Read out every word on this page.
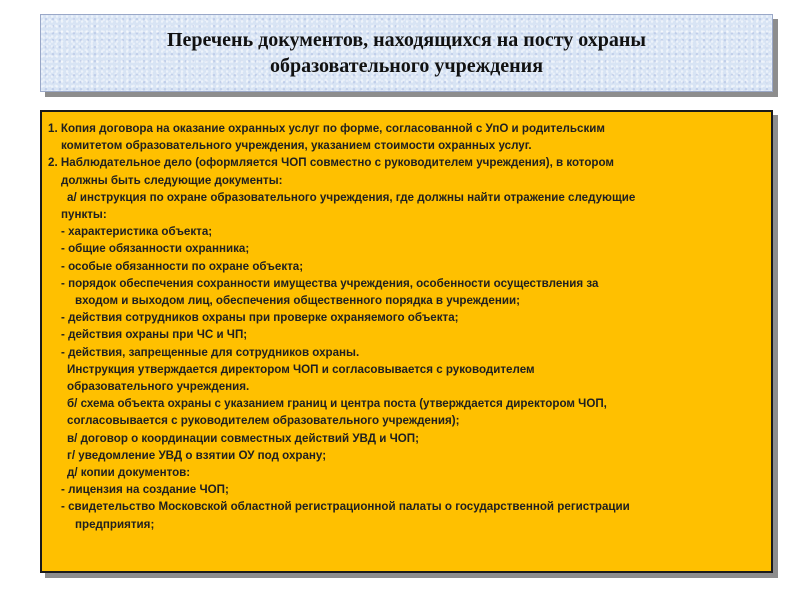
Перечень документов, находящихся на посту охраны
образовательного учреждения
1. Копия договора на оказание охранных услуг по форме, согласованной с УпО и родительским
комитетом образовательного учреждения, указанием стоимости охранных услуг.
2. Наблюдательное дело (оформляется ЧОП совместно с руководителем учреждения), в котором
должны быть следующие документы:
а/ инструкция по охране образовательного учреждения, где должны найти отражение следующие
пункты:
- характеристика объекта;
- общие обязанности охранника;
- особые обязанности по охране объекта;
- порядок обеспечения сохранности имущества учреждения, особенности осуществления за
входом и выходом лиц, обеспечения общественного порядка в учреждении;
- действия сотрудников охраны при проверке охраняемого объекта;
- действия охраны при ЧС и ЧП;
- действия, запрещенные для сотрудников охраны.
Инструкция утверждается директором ЧОП и согласовывается с руководителем
образовательного учреждения.
б/ схема объекта охраны с указанием границ и центра поста (утверждается директором ЧОП,
согласовывается с руководителем образовательного учреждения);
в/ договор о координации совместных действий УВД и ЧОП;
г/ уведомление УВД о взятии ОУ под охрану;
д/ копии документов:
- лицензия на создание ЧОП;
- свидетельство Московской областной регистрационной палаты о государственной регистрации
предприятия;
